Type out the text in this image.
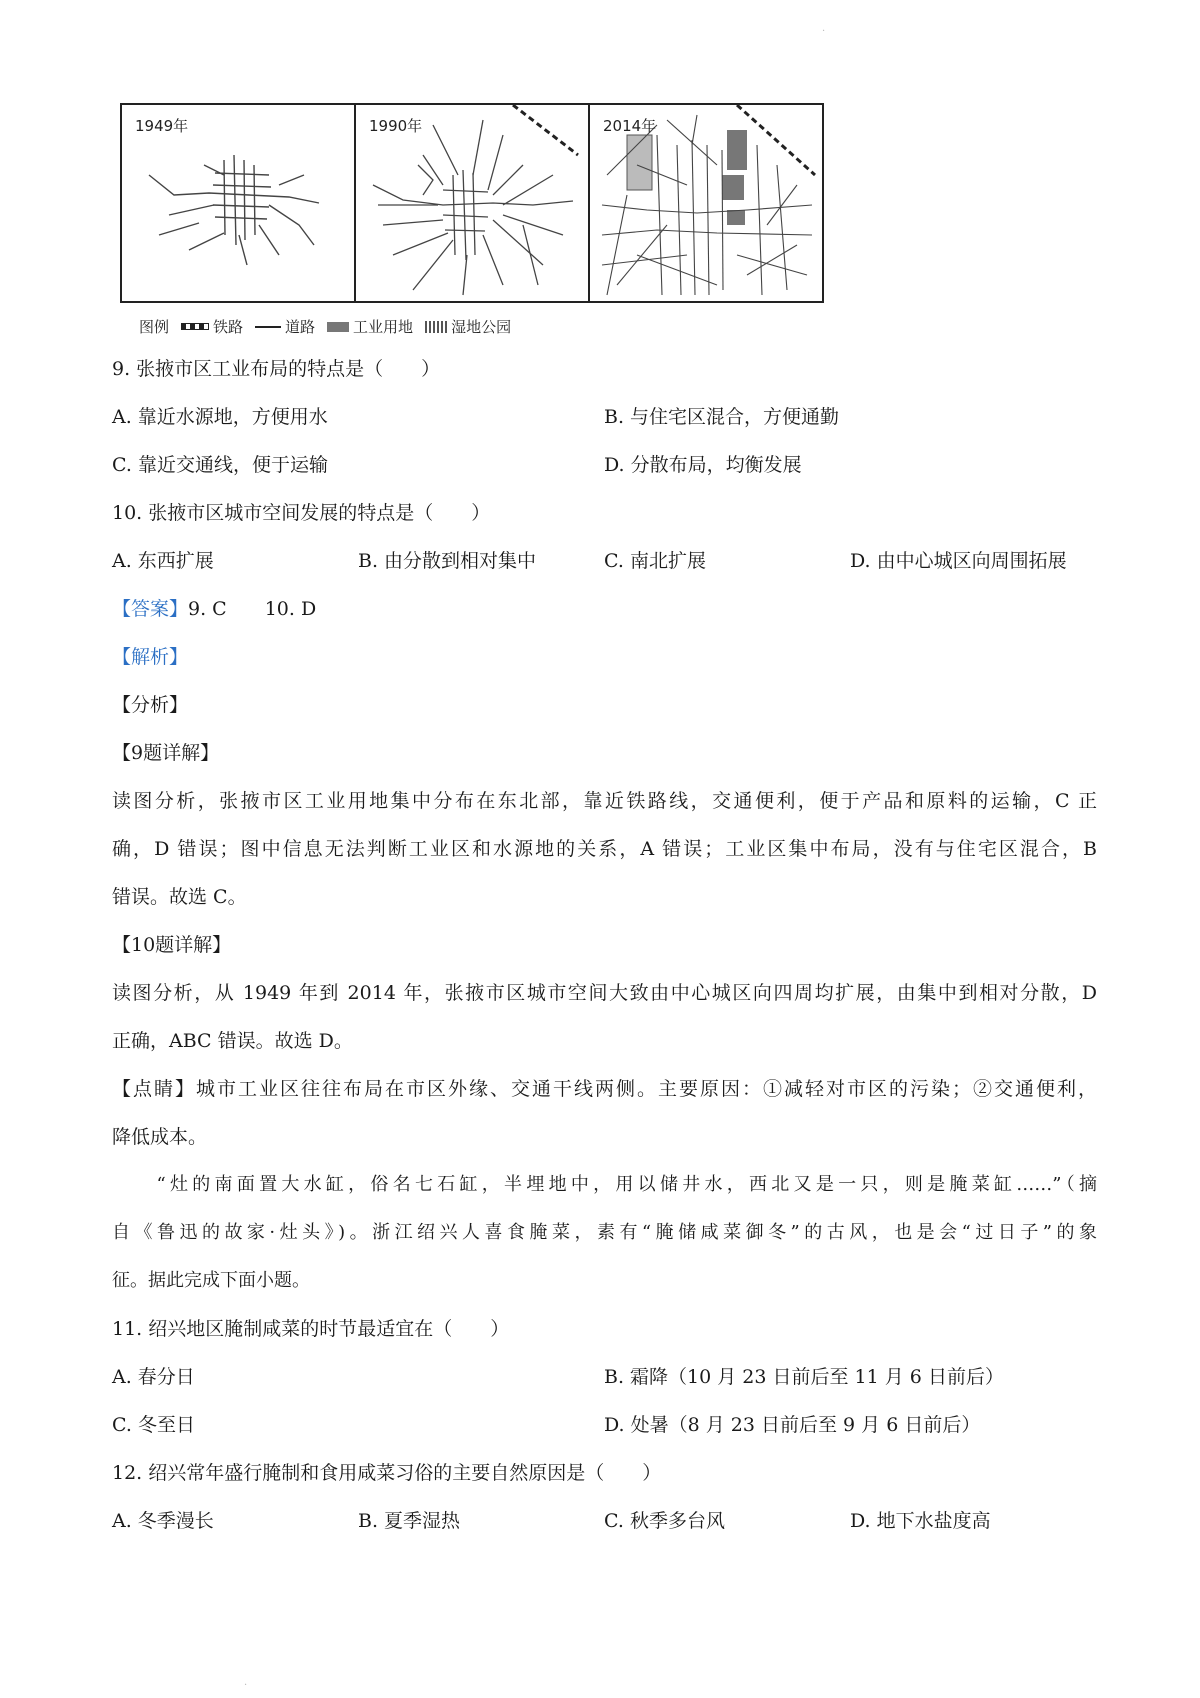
·
1949年	1990年	2014年
图例	铁路	道路	工业用地	湿地公园
9. 张掖市区工业布局的特点是（　　）
A. 靠近水源地，方便用水	B. 与住宅区混合，方便通勤
C. 靠近交通线，便于运输	D. 分散布局，均衡发展
10. 张掖市区城市空间发展的特点是（　　）
A. 东西扩展	B. 由分散到相对集中	C. 南北扩展	D. 由中心城区向周围拓展
【答案】9. C　　10. D
【解析】
【分析】
【9题详解】
读图分析，张掖市区工业用地集中分布在东北部，靠近铁路线，交通便利，便于产品和原料的运输，C 正
确，D 错误；图中信息无法判断工业区和水源地的关系，A 错误；工业区集中布局，没有与住宅区混合，B
错误。故选 C。
【10题详解】
读图分析，从 1949 年到 2014 年，张掖市区城市空间大致由中心城区向四周均扩展，由集中到相对分散，D
正确，ABC 错误。故选 D。
【点睛】城市工业区往往布局在市区外缘、交通干线两侧。主要原因：①减轻对市区的污染；②交通便利，
降低成本。
　　“灶的南面置大水缸，俗名七石缸，半埋地中，用以储井水，西北又是一只，则是腌菜缸……”（摘
自《鲁迅的故家·灶头》)。浙江绍兴人喜食腌菜，素有“腌储咸菜御冬”的古风，也是会“过日子”的象
征。据此完成下面小题。
11. 绍兴地区腌制咸菜的时节最适宜在（　　）
A. 春分日	B. 霜降（10 月 23 日前后至 11 月 6 日前后）
C. 冬至日	D. 处暑（8 月 23 日前后至 9 月 6 日前后）
12. 绍兴常年盛行腌制和食用咸菜习俗的主要自然原因是（　　）
A. 冬季漫长	B. 夏季湿热	C. 秋季多台风	D. 地下水盐度高
·
